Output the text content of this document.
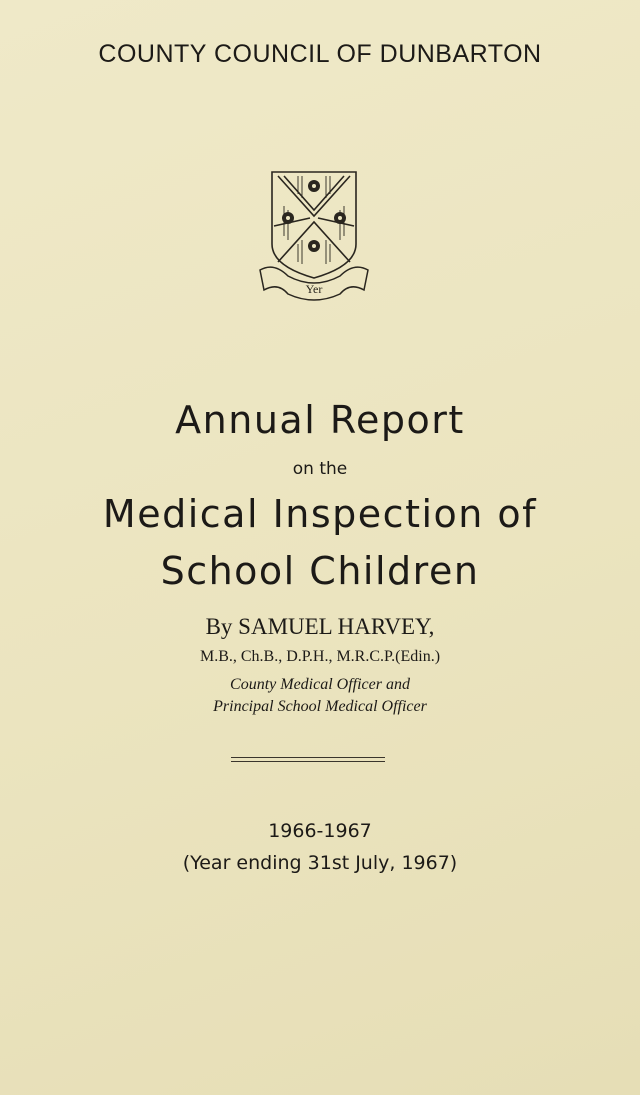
COUNTY COUNCIL OF DUNBARTON
Yer
Annual Report
on the
Medical Inspection of
School Children
By SAMUEL HARVEY,
M.B., Ch.B., D.P.H., M.R.C.P.(Edin.)
County Medical Officer and
Principal School Medical Officer
1966-1967
(Year ending 31st July, 1967)
